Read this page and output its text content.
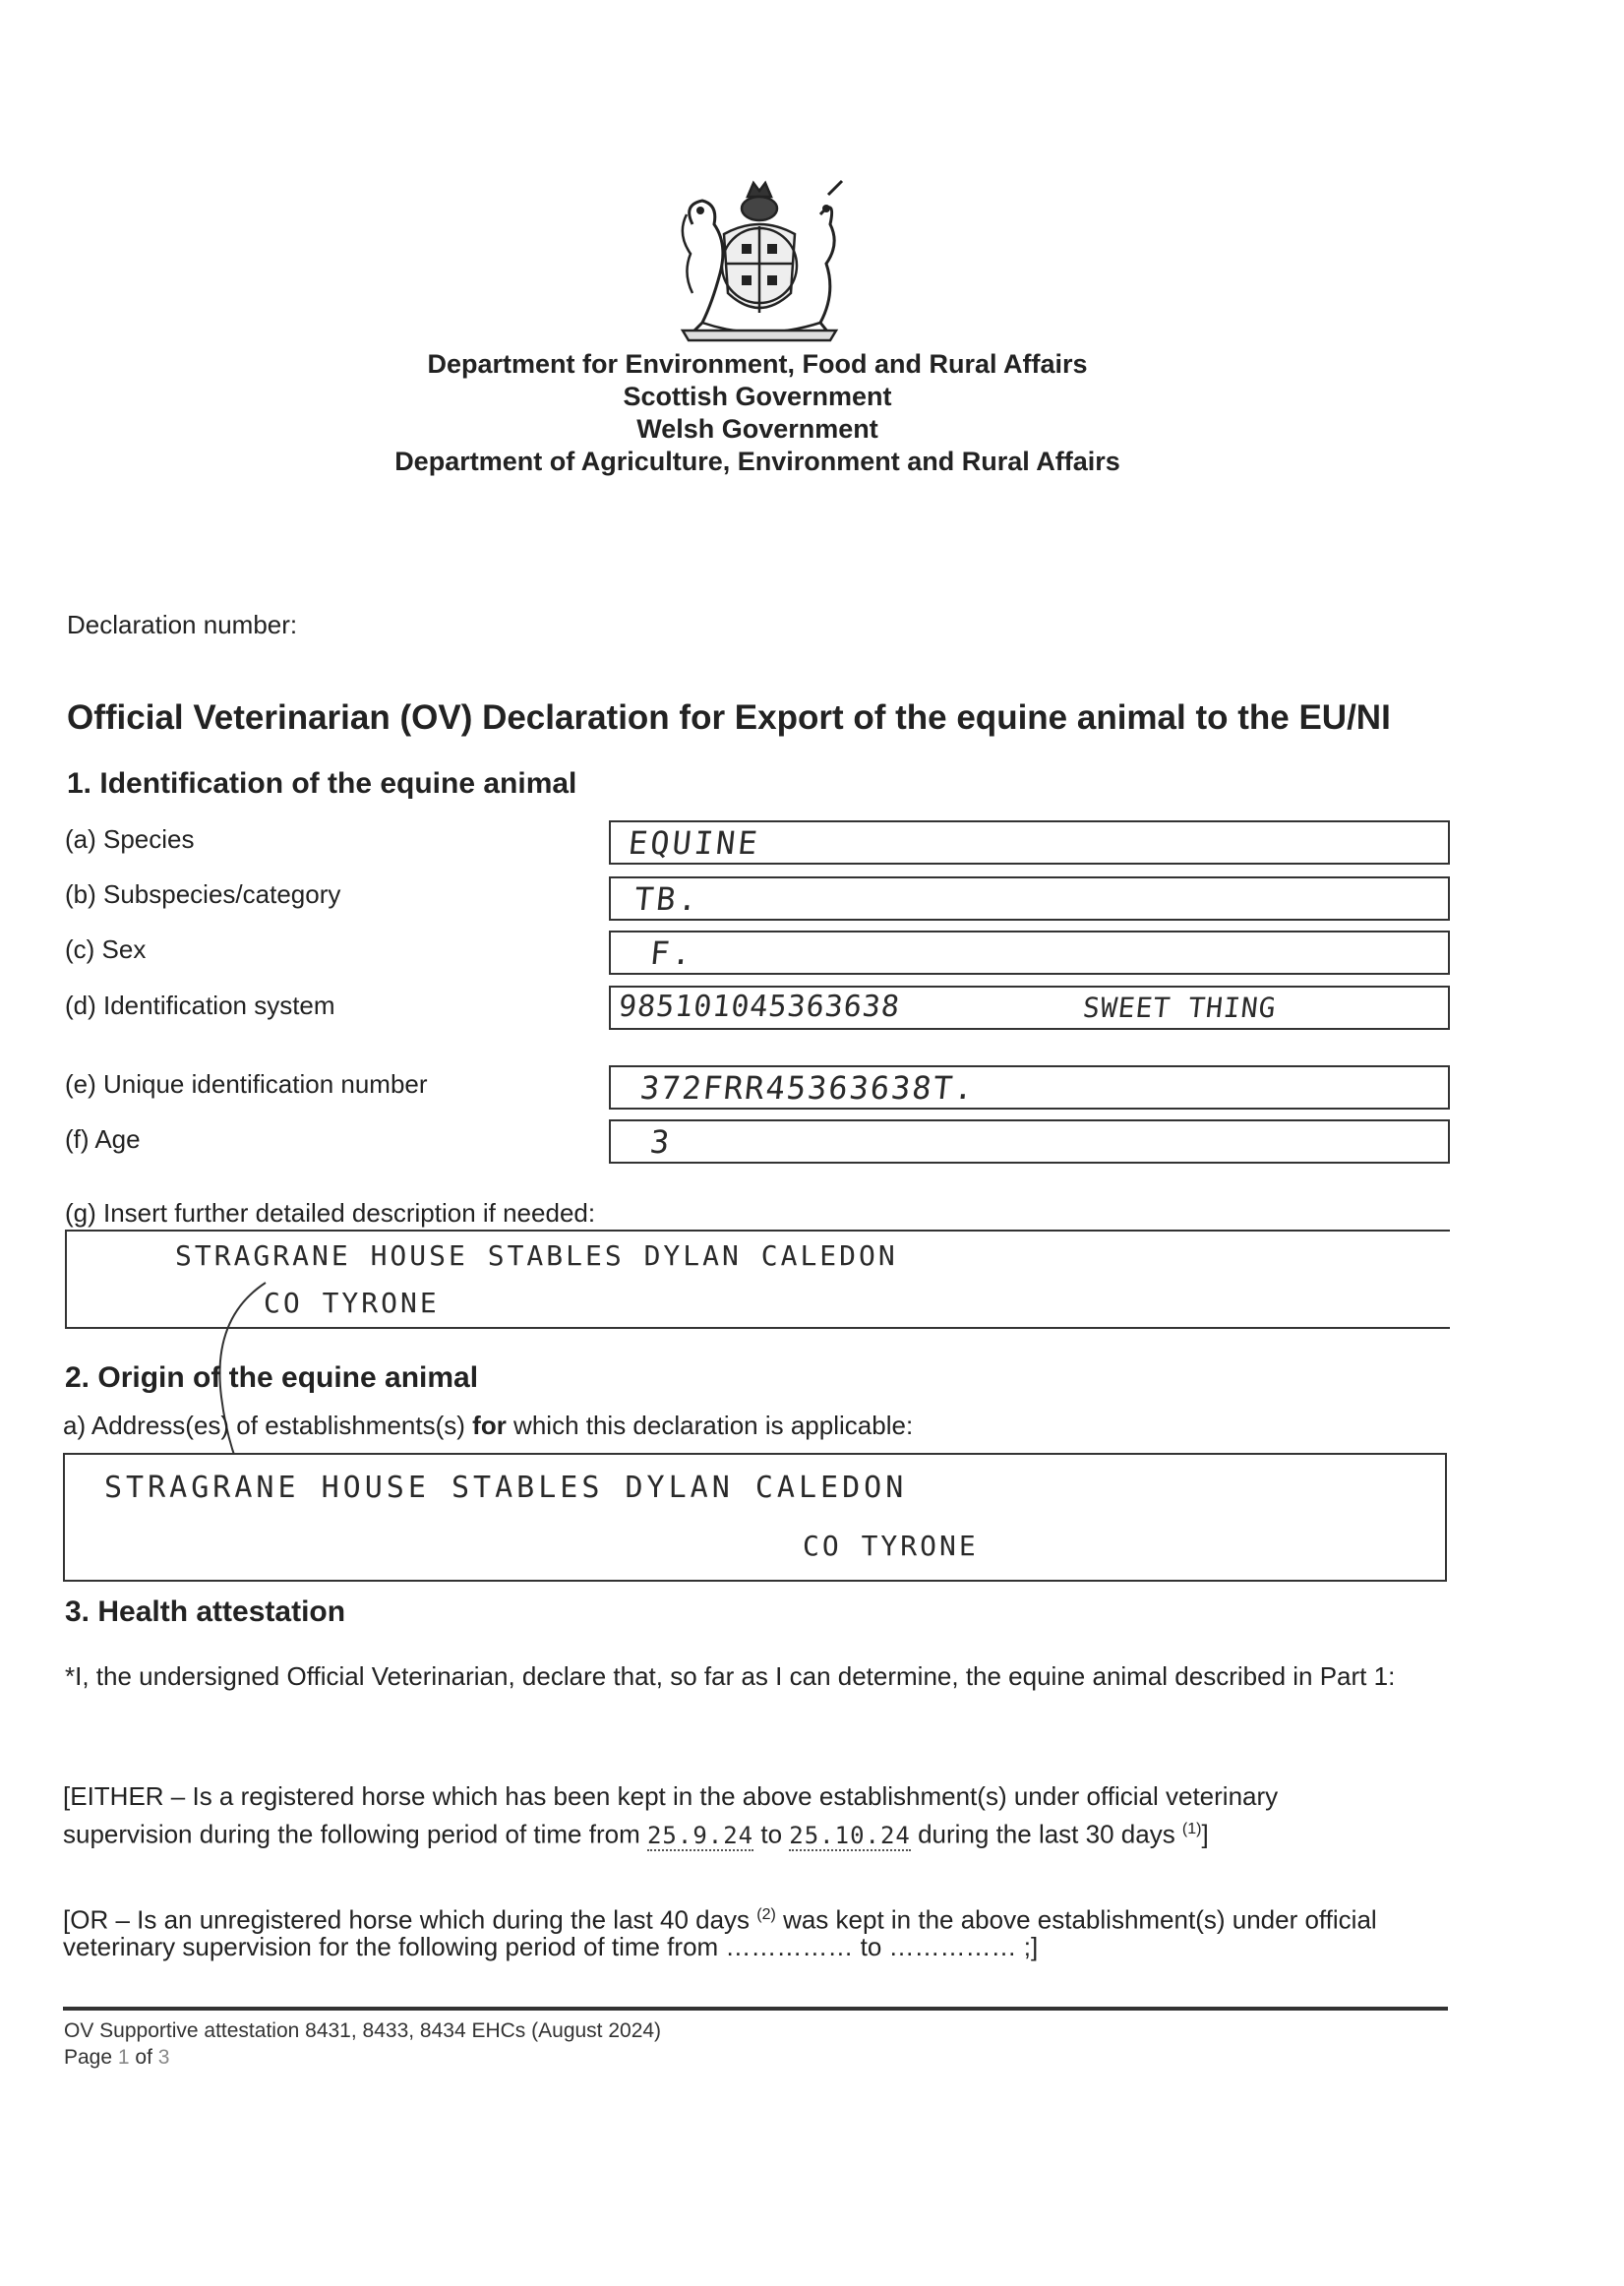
Department for Environment, Food and Rural Affairs
Scottish Government
Welsh Government
Department of Agriculture, Environment and Rural Affairs
Declaration number:
Official Veterinarian (OV) Declaration for Export of the equine animal to the EU/NI
1. Identification of the equine animal
(a) Species	EQUINE
(b) Subspecies/category	TB.
(c) Sex	F.
(d) Identification system	985101045363638	SWEET THING
(e) Unique identification number	372FRR45363638T.
(f) Age	3
(g) Insert further detailed description if needed:
STRAGRANE HOUSE STABLES DYLAN CALEDON
CO TYRONE
2. Origin of the equine animal
a) Address(es) of establishments(s) for which this declaration is applicable:
STRAGRANE HOUSE STABLES DYLAN CALEDON
CO TYRONE
3. Health attestation
*I, the undersigned Official Veterinarian, declare that, so far as I can determine, the equine animal described in Part 1:
[EITHER – Is a registered horse which has been kept in the above establishment(s) under official veterinary
supervision during the following period of time from 25.9.24 to 25.10.24 during the last 30 days $^{(1)}$]
[OR – Is an unregistered horse which during the last 40 days $^{(2)}$ was kept in the above establishment(s) under official
veterinary supervision for the following period of time from …………… to …………… ;]
OV Supportive attestation 8431, 8433, 8434 EHCs (August 2024)
Page 1 of 3
